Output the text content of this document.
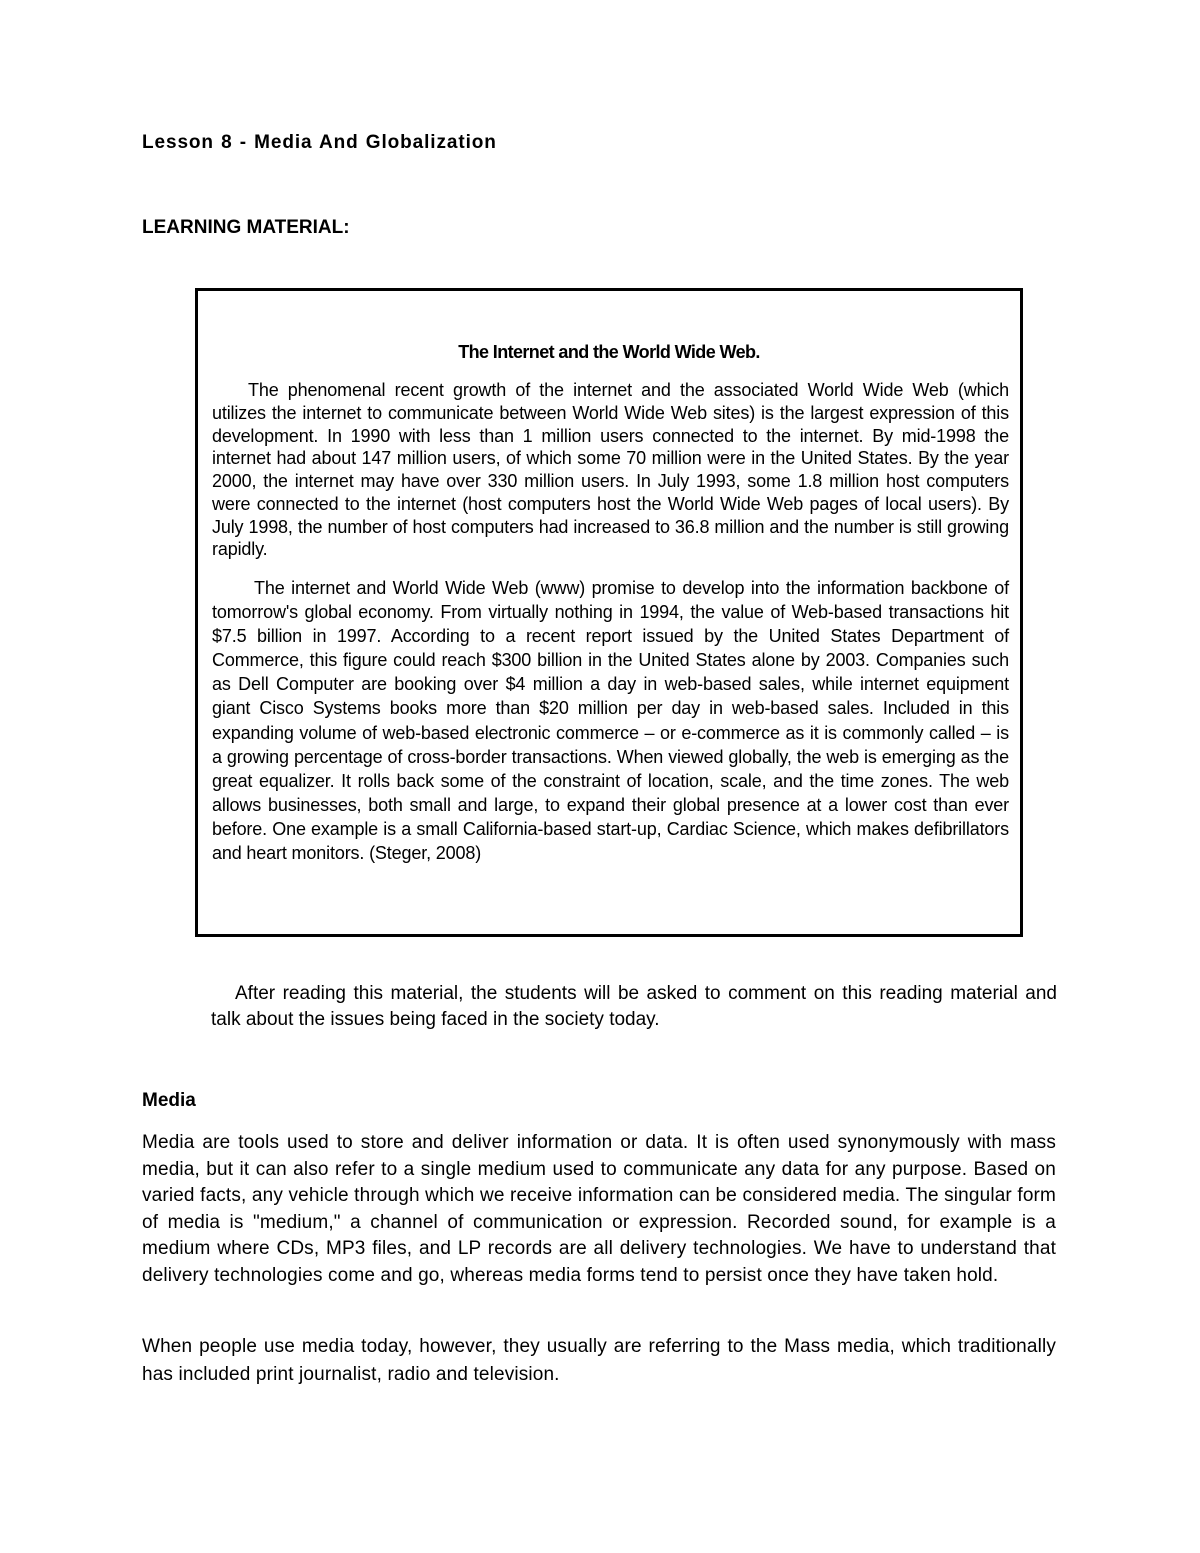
Lesson 8 - Media And Globalization
LEARNING MATERIAL:
The Internet and the World Wide Web.

The phenomenal recent growth of the internet and the associated World Wide Web (which utilizes the internet to communicate between World Wide Web sites) is the largest expression of this development. In 1990 with less than 1 million users connected to the internet. By mid-1998 the internet had about 147 million users, of which some 70 million were in the United States. By the year 2000, the internet may have over 330 million users. In July 1993, some 1.8 million host computers were connected to the internet (host computers host the World Wide Web pages of local users). By July 1998, the number of host computers had increased to 36.8 million and the number is still growing rapidly.

The internet and World Wide Web (www) promise to develop into the information backbone of tomorrow's global economy. From virtually nothing in 1994, the value of Web-based transactions hit $7.5 billion in 1997. According to a recent report issued by the United States Department of Commerce, this figure could reach $300 billion in the United States alone by 2003. Companies such as Dell Computer are booking over $4 million a day in web-based sales, while internet equipment giant Cisco Systems books more than $20 million per day in web-based sales. Included in this expanding volume of web-based electronic commerce – or e-commerce as it is commonly called – is a growing percentage of cross-border transactions. When viewed globally, the web is emerging as the great equalizer. It rolls back some of the constraint of location, scale, and the time zones. The web allows businesses, both small and large, to expand their global presence at a lower cost than ever before. One example is a small California-based start-up, Cardiac Science, which makes defibrillators and heart monitors. (Steger, 2008)

After reading this material, the students will be asked to comment on this reading material and talk about the issues being faced in the society today.

Media

Media are tools used to store and deliver information or data. It is often used synonymously with mass media, but it can also refer to a single medium used to communicate any data for any purpose. Based on varied facts, any vehicle through which we receive information can be considered media. The singular form of media is "medium," a channel of communication or expression. Recorded sound, for example is a medium where CDs, MP3 files, and LP records are all delivery technologies. We have to understand that delivery technologies come and go, whereas media forms tend to persist once they have taken hold.

When people use media today, however, they usually are referring to the Mass media, which traditionally has included print journalist, radio and television.
